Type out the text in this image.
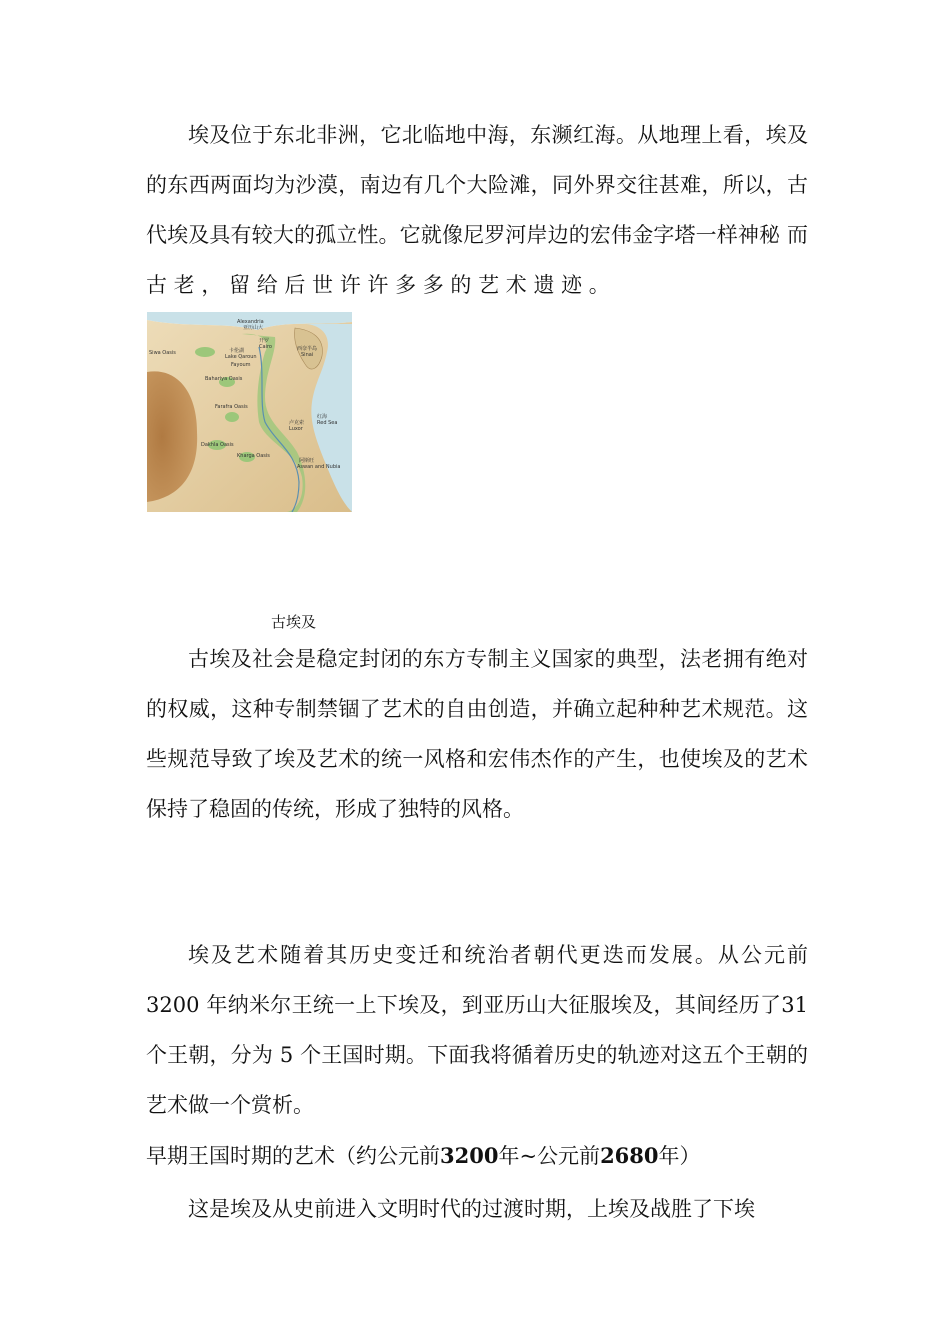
埃及位于东北非洲，它北临地中海，东濒红海。从地理上看，埃及的东西两面均为沙漠，南边有几个大险滩，同外界交往甚难，所以，古代埃及具有较大的孤立性。它就像尼罗河岸边的宏伟金字塔一样神秘 而 古 老 ， 留 给 后 世 许 许 多 多 的 艺 术 遗 迹 。

Alexandria
亚历山大
开罗
Cairo
Siwa Oasis	卡伦湖
Lake Qaroun
Fayoum
西奈半岛
Sinai
Bahariya Oasis
Farafra Oasis
红海
Red Sea
卢克索
Luxor
Dakhla Oasis
Kharga Oasis
阿斯旺
Aswan and Nubia

古埃及

古埃及社会是稳定封闭的东方专制主义国家的典型，法老拥有绝对的权威，这种专制禁锢了艺术的自由创造，并确立起种种艺术规范。这些规范导致了埃及艺术的统一风格和宏伟杰作的产生，也使埃及的艺术保持了稳固的传统，形成了独特的风格。

埃及艺术随着其历史变迁和统治者朝代更迭而发展。从公元前3200 年纳米尔王统一上下埃及，到亚历山大征服埃及，其间经历了31 个王朝，分为 5 个王国时期。下面我将循着历史的轨迹对这五个王朝的艺术做一个赏析。

早期王国时期的艺术（约公元前3200年~公元前2680年）

这是埃及从史前进入文明时代的过渡时期，上埃及战胜了下埃
